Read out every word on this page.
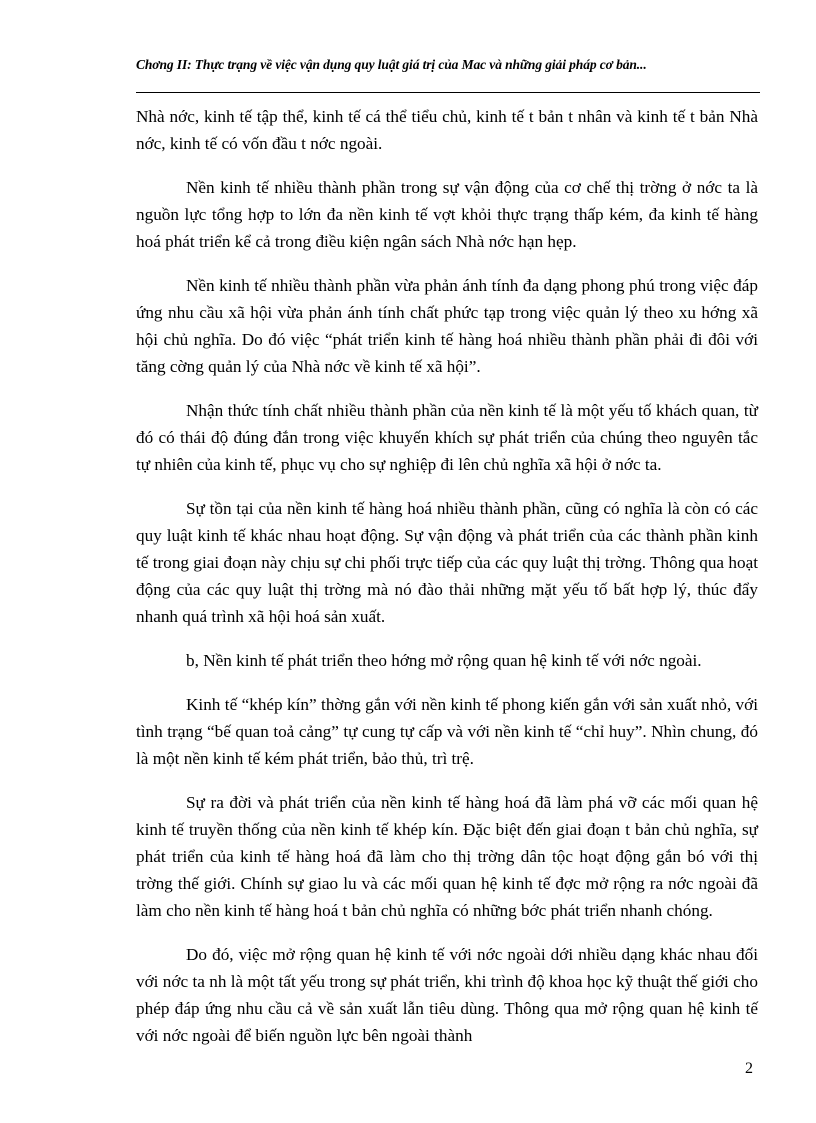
Chơng II: Thực trạng về việc vận dụng quy luật giá trị của Mac và những giải pháp cơ bản...

Nhà nớc, kinh tế tập thể, kinh tế cá thể tiểu chủ, kinh tế t bản t nhân và kinh tế t bản Nhà nớc, kinh tế có vốn đầu t nớc ngoài.

Nền kinh tế nhiều thành phần trong sự vận động của cơ chế thị trờng ở nớc ta là nguồn lực tổng hợp to lớn đa nền kinh tế vợt khỏi thực trạng thấp kém, đa kinh tế hàng hoá phát triển kể cả trong điều kiện ngân sách Nhà nớc hạn hẹp.

Nền kinh tế nhiều thành phần vừa phản ánh tính đa dạng phong phú trong việc đáp ứng nhu cầu xã hội vừa phản ánh tính chất phức tạp trong việc quản lý theo xu hớng xã hội chủ nghĩa. Do đó việc “phát triển kinh tế hàng hoá nhiều thành phần phải đi đôi với tăng cờng quản lý của Nhà nớc về kinh tế xã hội”.

Nhận thức tính chất nhiều thành phần của nền kinh tế là một yếu tố khách quan, từ đó có thái độ đúng đắn trong việc khuyến khích sự phát triển của chúng theo nguyên tắc tự nhiên của kinh tế, phục vụ cho sự nghiệp đi lên chủ nghĩa xã hội ở nớc ta.

Sự tồn tại của nền kinh tế hàng hoá nhiều thành phần, cũng có nghĩa là còn có các quy luật kinh tế khác nhau hoạt động. Sự vận động và phát triển của các thành phần kinh tế trong giai đoạn này chịu sự chi phối trực tiếp của các quy luật thị trờng. Thông qua hoạt động của các quy luật thị trờng mà nó đào thải những mặt yếu tố bất hợp lý, thúc đẩy nhanh quá trình xã hội hoá sản xuất.

b, Nền kinh tế phát triển theo hớng mở rộng quan hệ kinh tế với nớc ngoài.

Kinh tế “khép kín” thờng gắn với nền kinh tế phong kiến gắn với sản xuất nhỏ, với tình trạng “bế quan toả cảng” tự cung tự cấp và với nền kinh tế “chỉ huy”. Nhìn chung, đó là một nền kinh tế kém phát triển, bảo thủ, trì trệ.

Sự ra đời và phát triển của nền kinh tế hàng hoá đã làm phá vỡ các mối quan hệ kinh tế truyền thống của nền kinh tế khép kín. Đặc biệt đến giai đoạn t bản chủ nghĩa, sự phát triển của kinh tế hàng hoá đã làm cho thị trờng dân tộc hoạt động gắn bó với thị trờng thế giới. Chính sự giao lu và các mối quan hệ kinh tế đợc mở rộng ra nớc ngoài đã làm cho nền kinh tế hàng hoá t bản chủ nghĩa có những bớc phát triển nhanh chóng.

Do đó, việc mở rộng quan hệ kinh tế với nớc ngoài dới nhiều dạng khác nhau đối với nớc ta nh là một tất yếu trong sự phát triển, khi trình độ khoa học kỹ thuật thế giới cho phép đáp ứng nhu cầu cả về sản xuất lẫn tiêu dùng. Thông qua mở rộng quan hệ kinh tế với nớc ngoài để biến nguồn lực bên ngoài thành

2
